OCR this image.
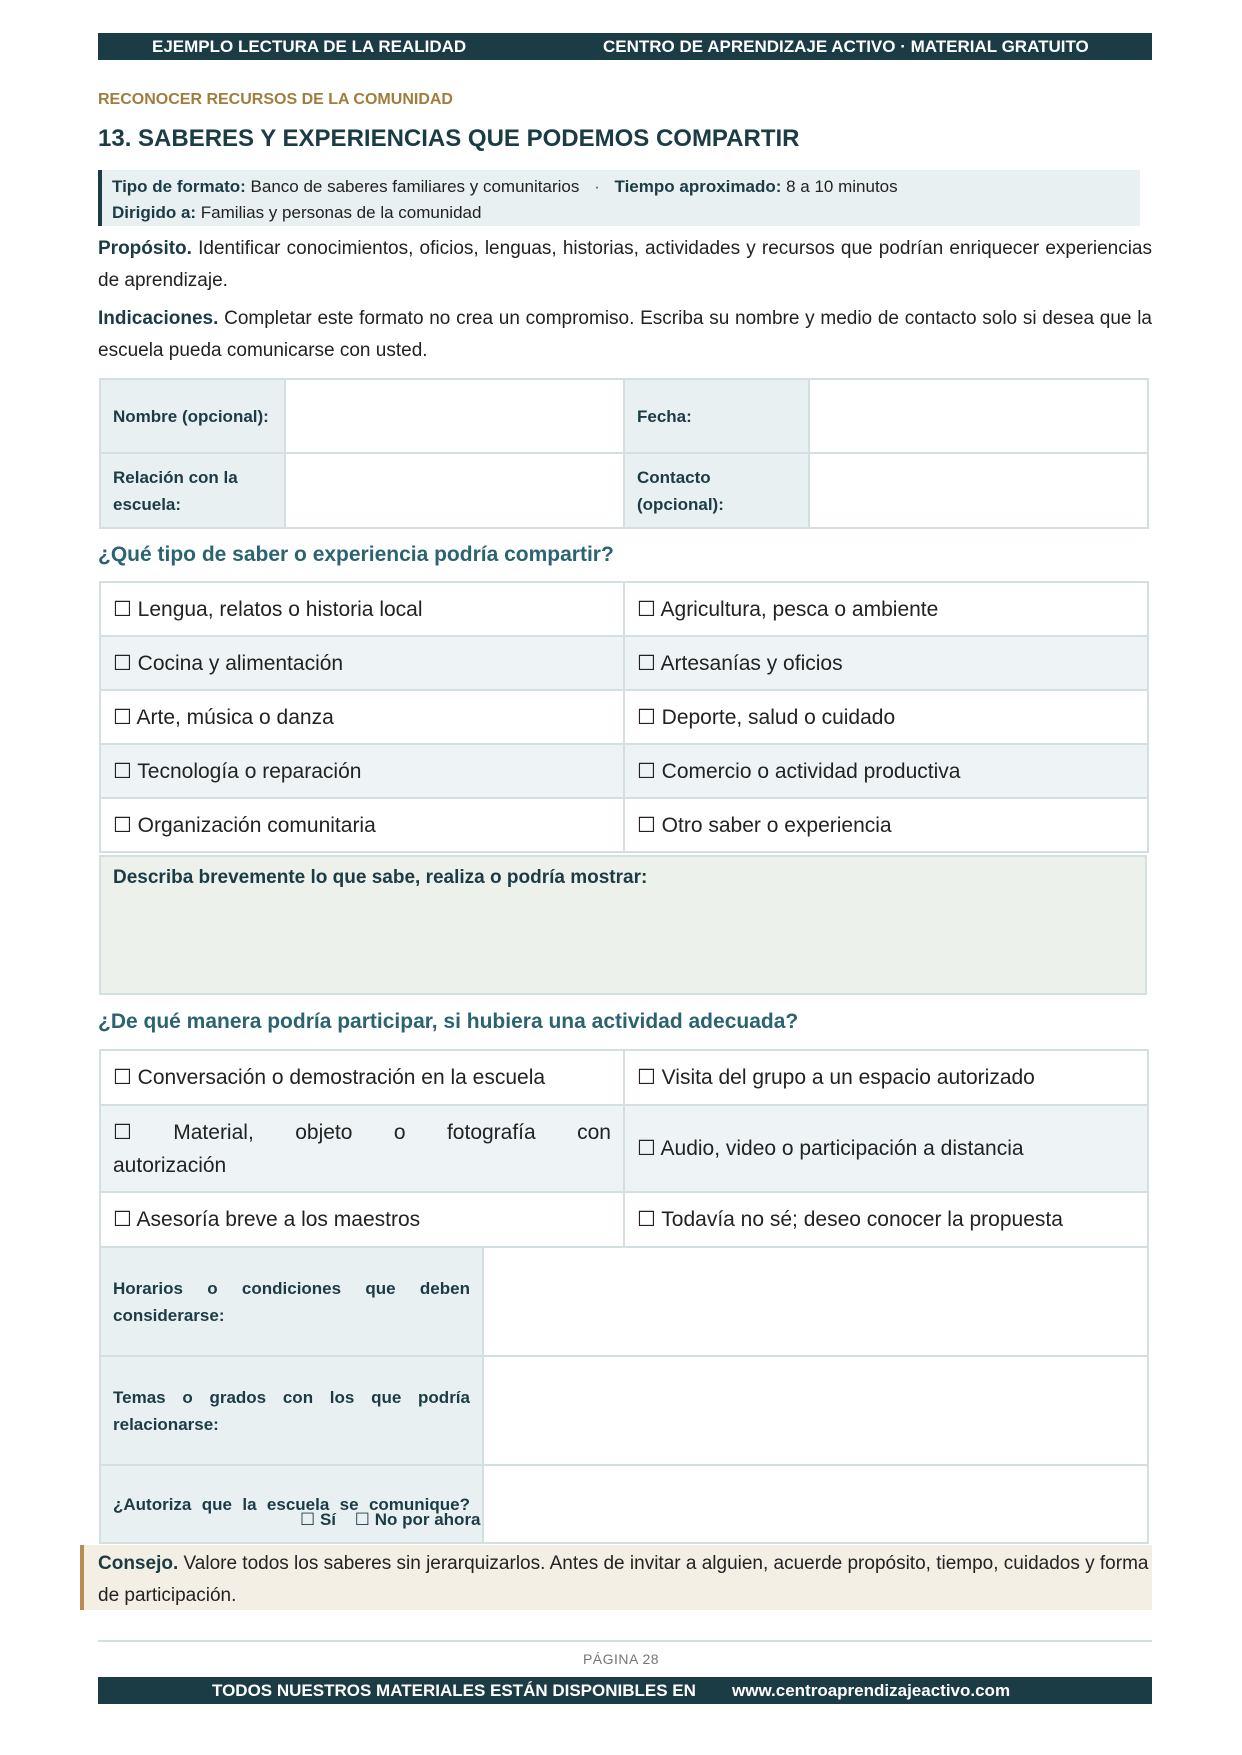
EJEMPLO LECTURA DE LA REALIDAD	CENTRO DE APRENDIZAJE ACTIVO · MATERIAL GRATUITO
RECONOCER RECURSOS DE LA COMUNIDAD
13. SABERES Y EXPERIENCIAS QUE PODEMOS COMPARTIR
Tipo de formato: Banco de saberes familiares y comunitarios · Tiempo aproximado: 8 a 10 minutos
Dirigido a: Familias y personas de la comunidad

Propósito. Identificar conocimientos, oficios, lenguas, historias, actividades y recursos que podrían enriquecer experiencias de aprendizaje.

Indicaciones. Completar este formato no crea un compromiso. Escriba su nombre y medio de contacto solo si desea que la escuela pueda comunicarse con usted.

Nombre (opcional):		Fecha:	
Relación con la escuela:		Contacto (opcional):	
¿Qué tipo de saber o experiencia podría compartir?
☐ Lengua, relatos o historia local	☐ Agricultura, pesca o ambiente
☐ Cocina y alimentación	☐ Artesanías y oficios
☐ Arte, música o danza	☐ Deporte, salud o cuidado
☐ Tecnología o reparación	☐ Comercio o actividad productiva
☐ Organización comunitaria	☐ Otro saber o experiencia
Describa brevemente lo que sabe, realiza o podría mostrar:
¿De qué manera podría participar, si hubiera una actividad adecuada?
☐ Conversación o demostración en la escuela	☐ Visita del grupo a un espacio autorizado
☐ Material, objeto o fotografía con autorización	☐ Audio, video o participación a distancia
☐ Asesoría breve a los maestros	☐ Todavía no sé; deseo conocer la propuesta
Horarios o condiciones que deben considerarse:	
Temas o grados con los que podría relacionarse:	

¿Autoriza que la escuela se comunique?	

☐ Sí ☐ No por ahora
Consejo. Valore todos los saberes sin jerarquizarlos. Antes de invitar a alguien, acuerde propósito, tiempo, cuidados y forma de participación.
PÁGINA 28
TODOS NUESTROS MATERIALES ESTÁN DISPONIBLES EN www.centroaprendizajeactivo.com
